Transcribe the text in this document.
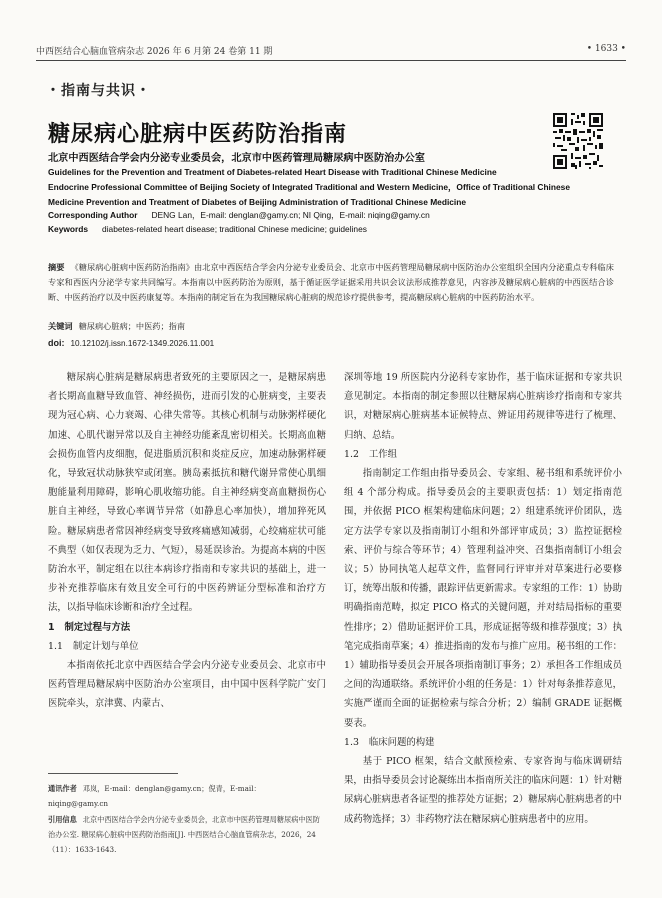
中西医结合心脑血管病杂志 2026 年 6 月第 24 卷第 11 期	• 1633 •
・指南与共识・
糖尿病心脏病中医药防治指南
北京中西医结合学会内分泌专业委员会，北京市中医药管理局糖尿病中医防治办公室
Guidelines for the Prevention and Treatment of Diabetes-related Heart Disease with Traditional Chinese Medicine
Endocrine Professional Committee of Beijing Society of Integrated Traditional and Western Medicine，Office of Traditional Chinese
Medicine Prevention and Treatment of Diabetes of Beijing Administration of Traditional Chinese Medicine
Corresponding Author DENG Lan，E-mail: denglan@gamy.cn; NI Qing，E-mail: niqing@gamy.cn
Keywords diabetes-related heart disease; traditional Chinese medicine; guidelines
摘要 《糖尿病心脏病中医药防治指南》由北京中西医结合学会内分泌专业委员会、北京市中医药管理局糖尿病中医防治办公室组织全国内分泌重点专科临床专家和西医内分泌学专家共同编写。本指南以中医药防治为原则，基于循证医学证据采用共识会议法形成推荐意见，内容涉及糖尿病心脏病的中西医结合诊断、中医药治疗以及中医药康复等。本指南的制定旨在为我国糖尿病心脏病的规范诊疗提供参考，提高糖尿病心脏病的中医药防治水平。
关键词 糖尿病心脏病；中医药；指南
doi: 10.12102/j.issn.1672-1349.2026.11.001

糖尿病心脏病是糖尿病患者致死的主要原因之一，是糖尿病患者长期高血糖导致血管、神经损伤，进而引发的心脏病变，主要表现为冠心病、心力衰竭、心律失常等。其核心机制与动脉粥样硬化加速、心肌代谢异常以及自主神经功能紊乱密切相关。长期高血糖会损伤血管内皮细胞，促进脂质沉积和炎症反应，加速动脉粥样硬化，导致冠状动脉狭窄或闭塞。胰岛素抵抗和糖代谢异常使心肌细胞能量利用障碍，影响心肌收缩功能。自主神经病变高血糖损伤心脏自主神经，导致心率调节异常（如静息心率加快），增加猝死风险。糖尿病患者常因神经病变导致疼痛感知减弱，心绞痛症状可能不典型（如仅表现为乏力、气短），易延误诊治。为提高本病的中医防治水平，制定组在以往本病诊疗指南和专家共识的基础上，进一步补充推荐临床有效且安全可行的中医药辨证分型标准和治疗方法，以指导临床诊断和治疗全过程。

1 制定过程与方法
1.1 制定计划与单位

本指南依托北京中西医结合学会内分泌专业委员会、北京市中医药管理局糖尿病中医防治办公室项目，由中国中医科学院广安门医院牵头，京津冀、内蒙古、

深圳等地 19 所医院内分泌科专家协作，基于临床证据和专家共识意见制定。本指南的制定参照以往糖尿病心脏病诊疗指南和专家共识，对糖尿病心脏病基本证候特点、辨证用药规律等进行了梳理、归纳、总结。

1.2 工作组

指南制定工作组由指导委员会、专家组、秘书组和系统评价小组 4 个部分构成。指导委员会的主要职责包括：1）划定指南范围，并依据 PICO 框架构建临床问题；2）组建系统评价团队，选定方法学专家以及指南制订小组和外部评审成员；3）监控证据检索、评价与综合等环节；4）管理利益冲突、召集指南制订小组会议；5）协同执笔人起草文件，监督同行评审并对草案进行必要修订，统筹出版和传播，跟踪评估更新需求。专家组的工作：1）协助明确指南范畴，拟定 PICO 格式的关键问题，并对结局指标的重要性排序；2）借助证据评价工具，形成证据等级和推荐强度；3）执笔完成指南草案；4）推进指南的发布与推广应用。秘书组的工作：1）辅助指导委员会开展各项指南制订事务；2）承担各工作组成员之间的沟通联络。系统评价小组的任务是：1）针对每条推荐意见，实施严谨而全面的证据检索与综合分析；2）编制 GRADE 证据概要表。

1.3 临床问题的构建

基于 PICO 框架，结合文献预检索、专家咨询与临床调研结果，由指导委员会讨论凝练出本指南所关注的临床问题：1）针对糖尿病心脏病患者各证型的推荐处方证据；2）糖尿病心脏病患者的中成药物选择；3）非药物疗法在糖尿病心脏病患者中的应用。

通讯作者 邓岚，E-mail：denglan@gamy.cn；倪青，E-mail：niqing@gamy.cn
引用信息 北京中西医结合学会内分泌专业委员会，北京市中医药管理局糖尿病中医防治办公室. 糖尿病心脏病中医药防治指南[J]. 中西医结合心脑血管病杂志，2026，24（11）：1633-1643.
